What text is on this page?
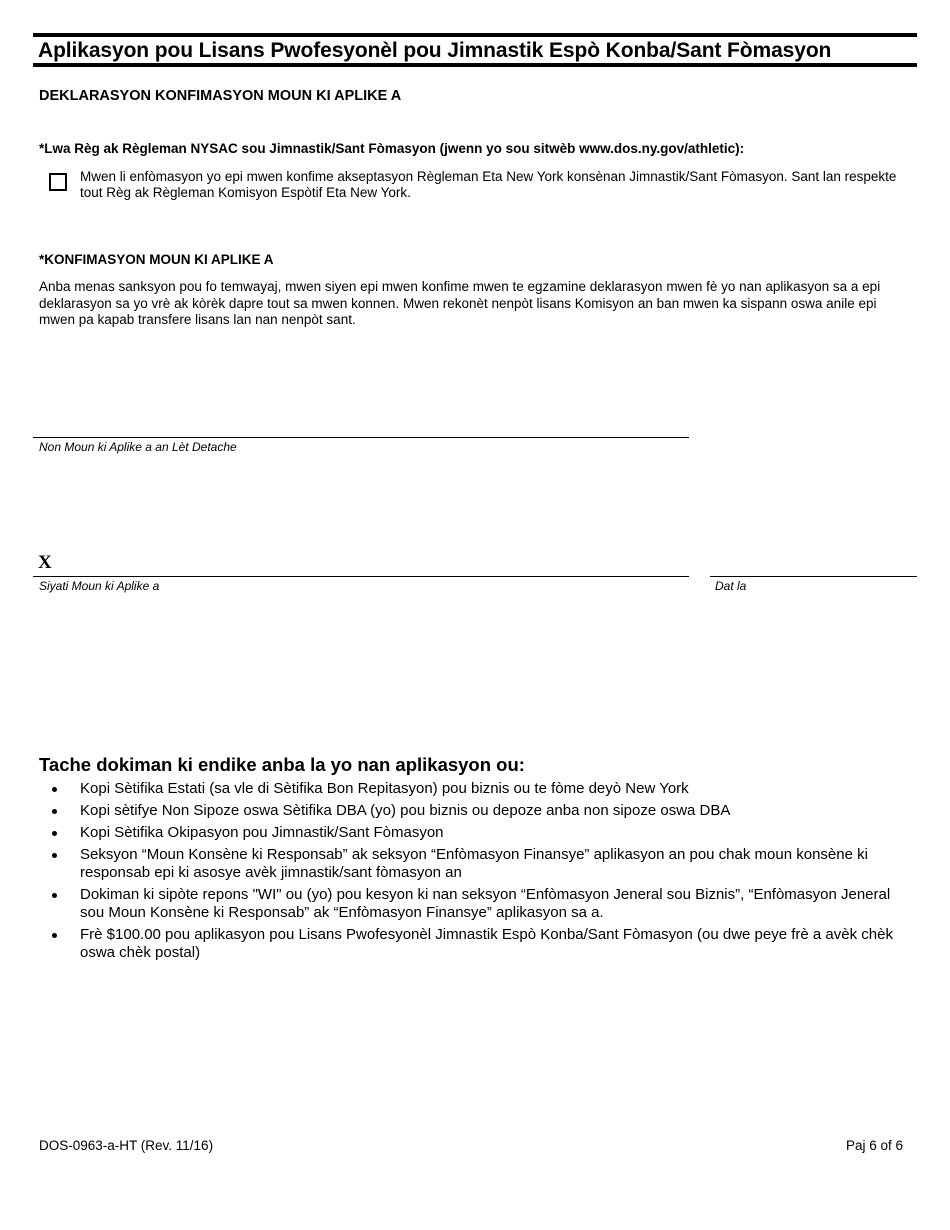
Aplikasyon pou Lisans Pwofesyonèl pou Jimnastik Espò Konba/Sant Fòmasyon
DEKLARASYON KONFIMASYON MOUN KI APLIKE A
*Lwa Règ ak Règleman NYSAC sou Jimnastik/Sant Fòmasyon (jwenn yo sou sitwèb www.dos.ny.gov/athletic):
Mwen li enfòmasyon yo epi mwen konfime akseptasyon Règleman Eta New York konsènan Jimnastik/Sant Fòmasyon. Sant lan respekte tout Règ ak Règleman Komisyon Espòtif Eta New York.
*KONFIMASYON MOUN KI APLIKE A
Anba menas sanksyon pou fo temwayaj, mwen siyen epi mwen konfime mwen te egzamine deklarasyon mwen fè yo nan aplikasyon sa a epi deklarasyon sa yo vrè ak kòrèk dapre tout sa mwen konnen. Mwen rekonèt nenpòt lisans Komisyon an ban mwen ka sispann oswa anile epi mwen pa kapab transfere lisans lan nan nenpòt sant.
Non Moun ki Aplike a an Lèt Detache
X
Siyati Moun ki Aplike a	Dat la
Tache dokiman ki endike anba la yo nan aplikasyon ou:
Kopi Sètifika Estati (sa vle di Sètifika Bon Repitasyon) pou biznis ou te fòme deyò New York
Kopi sètifye Non Sipoze oswa Sètifika DBA (yo) pou biznis ou depoze anba non sipoze oswa DBA
Kopi Sètifika Okipasyon pou Jimnastik/Sant Fòmasyon
Seksyon “Moun Konsène ki Responsab” ak seksyon “Enfòmasyon Finansye” aplikasyon an pou chak moun konsène ki responsab epi ki asosye avèk jimnastik/sant fòmasyon an
Dokiman ki sipòte repons "WI" ou (yo) pou kesyon ki nan seksyon “Enfòmasyon Jeneral sou Biznis”, “Enfòmasyon Jeneral sou Moun Konsène ki Responsab” ak “Enfòmasyon Finansye” aplikasyon sa a.
Frè $100.00 pou aplikasyon pou Lisans Pwofesyonèl Jimnastik Espò Konba/Sant Fòmasyon (ou dwe peye frè a avèk chèk oswa chèk postal)
DOS-0963-a-HT (Rev. 11/16)	Paj 6 of 6
